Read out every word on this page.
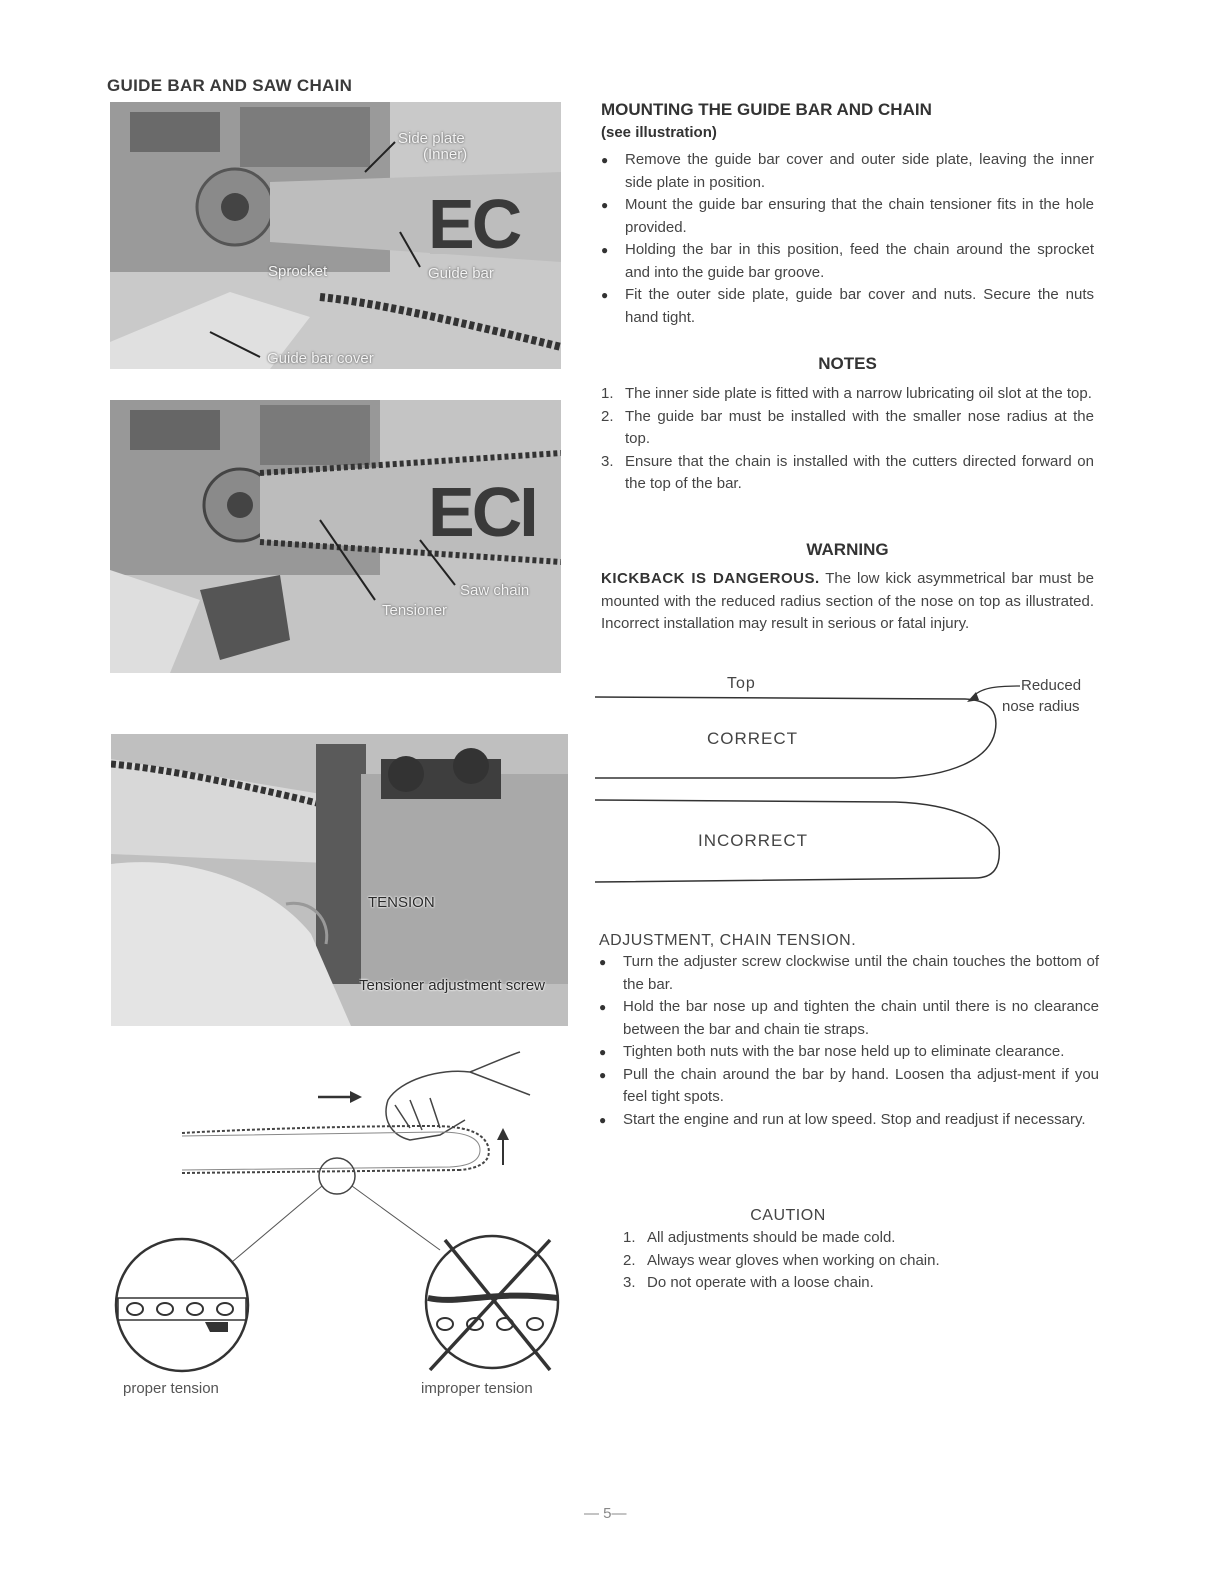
GUIDE BAR AND SAW CHAIN
EC
Side plate
(Inner)
Sprocket	Guide bar
Guide bar cover
ECI
Saw chain
Tensioner
TENSION
Tensioner adjustment screw
proper tension	improper tension
MOUNTING THE GUIDE BAR AND CHAIN
(see illustration)
● Remove the guide bar cover and outer side plate, leaving the inner side plate in position.
● Mount the guide bar ensuring that the chain tensioner fits in the hole provided.
● Holding the bar in this position, feed the chain around the sprocket and into the guide bar groove.
● Fit the outer side plate, guide bar cover and nuts. Secure the nuts hand tight.
NOTES
1. The inner side plate is fitted with a narrow lubricating oil slot at the top.
2. The guide bar must be installed with the smaller nose radius at the top.
3. Ensure that the chain is installed with the cutters directed forward on the top of the bar.
WARNING
KICKBACK IS DANGEROUS. The low kick asymmetrical bar must be mounted with the reduced radius section of the nose on top as illustrated. Incorrect installation may result in serious or fatal injury.
Top	Reduced
nose radius
CORRECT
INCORRECT
ADJUSTMENT, CHAIN TENSION.
● Turn the adjuster screw clockwise until the chain touches the bottom of the bar.
● Hold the bar nose up and tighten the chain until there is no clearance between the bar and chain tie straps.
● Tighten both nuts with the bar nose held up to eliminate clearance.
● Pull the chain around the bar by hand. Loosen tha adjust-ment if you feel tight spots.
● Start the engine and run at low speed. Stop and readjust if necessary.
CAUTION
1. All adjustments should be made cold.
2. Always wear gloves when working on chain.
3. Do not operate with a loose chain.
— 5—
